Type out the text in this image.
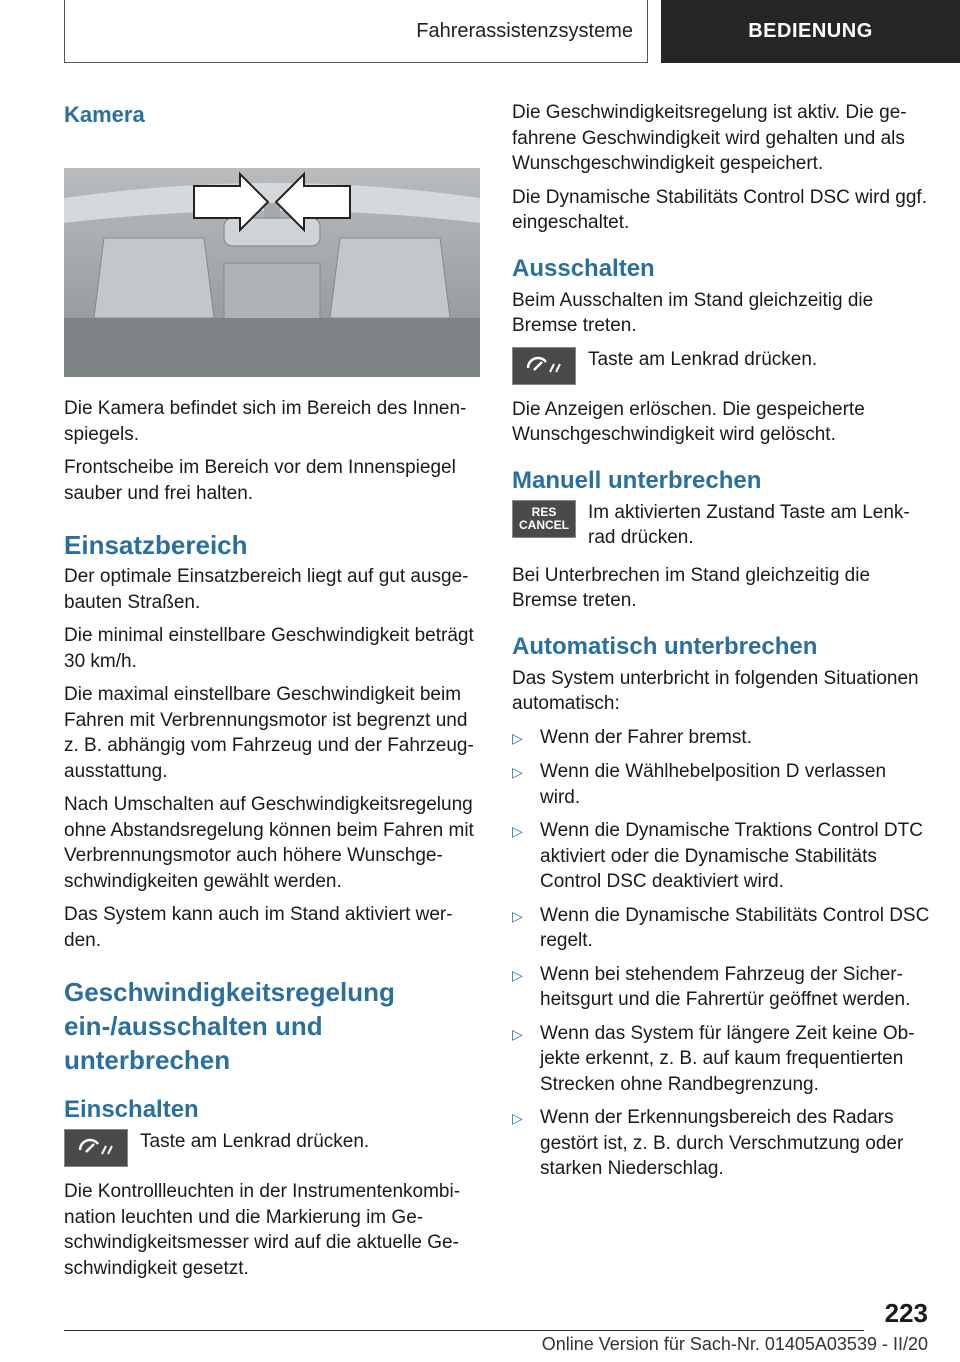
Fahrerassistenzsysteme	BEDIENUNG
Kamera

Die Kamera befindet sich im Bereich des Innen-spiegels.

Frontscheibe im Bereich vor dem Innenspiegel sauber und frei halten.

Einsatzbereich

Der optimale Einsatzbereich liegt auf gut ausge-bauten Straßen.

Die minimal einstellbare Geschwindigkeit beträgt 30 km/h.

Die maximal einstellbare Geschwindigkeit beim Fahren mit Verbrennungsmotor ist begrenzt und z. B. abhängig vom Fahrzeug und der Fahrzeug-ausstattung.

Nach Umschalten auf Geschwindigkeitsregelung ohne Abstandsregelung können beim Fahren mit Verbrennungsmotor auch höhere Wunschge-schwindigkeiten gewählt werden.

Das System kann auch im Stand aktiviert wer-den.

Geschwindigkeitsregelung ein-/ausschalten und unterbrechen
Einschalten

Taste am Lenkrad drücken.

Die Kontrollleuchten in der Instrumentenkombi-nation leuchten und die Markierung im Ge-schwindigkeitsmesser wird auf die aktuelle Ge-schwindigkeit gesetzt.

Die Geschwindigkeitsregelung ist aktiv. Die ge-fahrene Geschwindigkeit wird gehalten und als Wunschgeschwindigkeit gespeichert.

Die Dynamische Stabilitäts Control DSC wird ggf. eingeschaltet.

Ausschalten

Beim Ausschalten im Stand gleichzeitig die Bremse treten.

Taste am Lenkrad drücken.

Die Anzeigen erlöschen. Die gespeicherte Wunschgeschwindigkeit wird gelöscht.

Manuell unterbrechen
RES
CANCEL

Im aktivierten Zustand Taste am Lenk-rad drücken.

Bei Unterbrechen im Stand gleichzeitig die Bremse treten.

Automatisch unterbrechen

Das System unterbricht in folgenden Situationen automatisch:

▷ Wenn der Fahrer bremst.
▷ Wenn die Wählhebelposition D verlassen wird.
▷ Wenn die Dynamische Traktions Control DTC aktiviert oder die Dynamische Stabilitäts Control DSC deaktiviert wird.
▷ Wenn die Dynamische Stabilitäts Control DSC regelt.
▷ Wenn bei stehendem Fahrzeug der Sicher-heitsgurt und die Fahrertür geöffnet werden.
▷ Wenn das System für längere Zeit keine Ob-jekte erkennt, z. B. auf kaum frequentierten Strecken ohne Randbegrenzung.
▷ Wenn der Erkennungsbereich des Radars gestört ist, z. B. durch Verschmutzung oder starken Niederschlag.
223
Online Version für Sach-Nr. 01405A03539 - II/20
